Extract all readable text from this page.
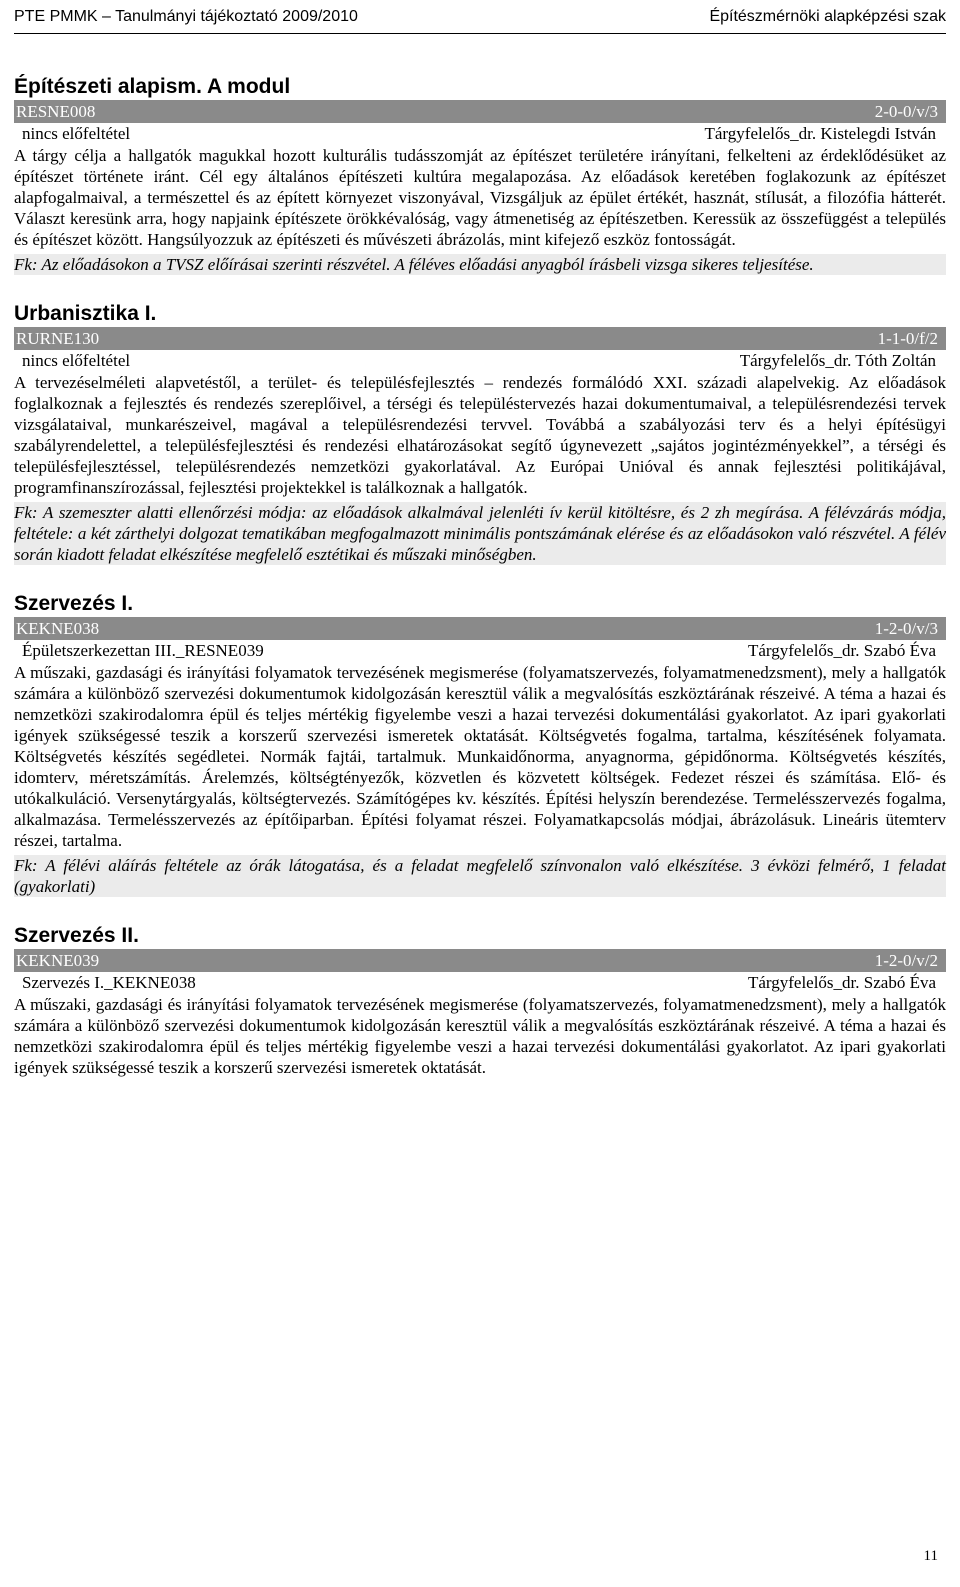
PTE PMMK – Tanulmányi tájékoztató 2009/2010	Építészmérnöki alapképzési szak
Építészeti alapism. A modul
RESNE008	2-0-0/v/3
nincs előfeltétel	Tárgyfelelős_dr. Kistelegdi István
A tárgy célja a hallgatók magukkal hozott kulturális tudásszomját az építészet területére irányítani, felkelteni az érdeklődésüket az építészet története iránt. Cél egy általános építészeti kultúra megalapozása. Az előadások keretében foglakozunk az építészet alapfogalmaival, a természettel és az épített környezet viszonyával, Vizsgáljuk az épület értékét, hasznát, stílusát, a filozófia hátterét. Választ keresünk arra, hogy napjaink építészete örökkévalóság, vagy átmenetiség az építészetben. Keressük az összefüggést a település és építészet között. Hangsúlyozzuk az építészeti és művészeti ábrázolás, mint kifejező eszköz fontosságát.
Fk: Az előadásokon a TVSZ előírásai szerinti részvétel. A féléves előadási anyagból írásbeli vizsga sikeres teljesítése.
Urbanisztika I.
RURNE130	1-1-0/f/2
nincs előfeltétel	Tárgyfelelős_dr. Tóth Zoltán
A tervezéselméleti alapvetéstől, a terület- és településfejlesztés – rendezés formálódó XXI. századi alapelvekig. Az előadások foglalkoznak a fejlesztés és rendezés szereplőivel, a térségi és településtervezés hazai dokumentumaival, a településrendezési tervek vizsgálataival, munkarészeivel, magával a településrendezési tervvel. Továbbá a szabályozási terv és a helyi építésügyi szabályrendelettel, a településfejlesztési és rendezési elhatározásokat segítő úgynevezett „sajátos jogintézményekkel”, a térségi és településfejlesztéssel, településrendezés nemzetközi gyakorlatával. Az Európai Unióval és annak fejlesztési politikájával, programfinanszírozással, fejlesztési projektekkel is találkoznak a hallgatók.
Fk: A szemeszter alatti ellenőrzési módja: az előadások alkalmával jelenléti ív kerül kitöltésre, és 2 zh megírása. A félévzárás módja, feltétele: a két zárthelyi dolgozat tematikában megfogalmazott minimális pontszámának elérése és az előadásokon való részvétel. A félév során kiadott feladat elkészítése megfelelő esztétikai és műszaki minőségben.
Szervezés I.
KEKNE038	1-2-0/v/3
Épületszerkezettan III._RESNE039	Tárgyfelelős_dr. Szabó Éva
A műszaki, gazdasági és irányítási folyamatok tervezésének megismerése (folyamatszervezés, folyamatmenedzsment), mely a hallgatók számára a különböző szervezési dokumentumok kidolgozásán keresztül válik a megvalósítás eszköztárának részeivé. A téma a hazai és nemzetközi szakirodalomra épül és teljes mértékig figyelembe veszi a hazai tervezési dokumentálási gyakorlatot. Az ipari gyakorlati igények szükségessé teszik a korszerű szervezési ismeretek oktatását. Költségvetés fogalma, tartalma, készítésének folyamata. Költségvetés készítés segédletei. Normák fajtái, tartalmuk. Munkaidőnorma, anyagnorma, gépidőnorma. Költségvetés készítés, idomterv, méretszámítás. Árelemzés, költségtényezők, közvetlen és közvetett költségek. Fedezet részei és számítása. Elő- és utókalkuláció. Versenytárgyalás, költségtervezés. Számítógépes kv. készítés. Építési helyszín berendezése. Termelésszervezés fogalma, alkalmazása. Termelésszervezés az építőiparban. Építési folyamat részei. Folyamatkapcsolás módjai, ábrázolásuk. Lineáris ütemterv részei, tartalma.
Fk: A félévi aláírás feltétele az órák látogatása, és a feladat megfelelő színvonalon való elkészítése. 3 évközi felmérő, 1 feladat (gyakorlati)
Szervezés II.
KEKNE039	1-2-0/v/2
Szervezés I._KEKNE038	Tárgyfelelős_dr. Szabó Éva
A műszaki, gazdasági és irányítási folyamatok tervezésének megismerése (folyamatszervezés, folyamatmenedzsment), mely a hallgatók számára a különböző szervezési dokumentumok kidolgozásán keresztül válik a megvalósítás eszköztárának részeivé. A téma a hazai és nemzetközi szakirodalomra épül és teljes mértékig figyelembe veszi a hazai tervezési dokumentálási gyakorlatot. Az ipari gyakorlati igények szükségessé teszik a korszerű szervezési ismeretek oktatását.
11
